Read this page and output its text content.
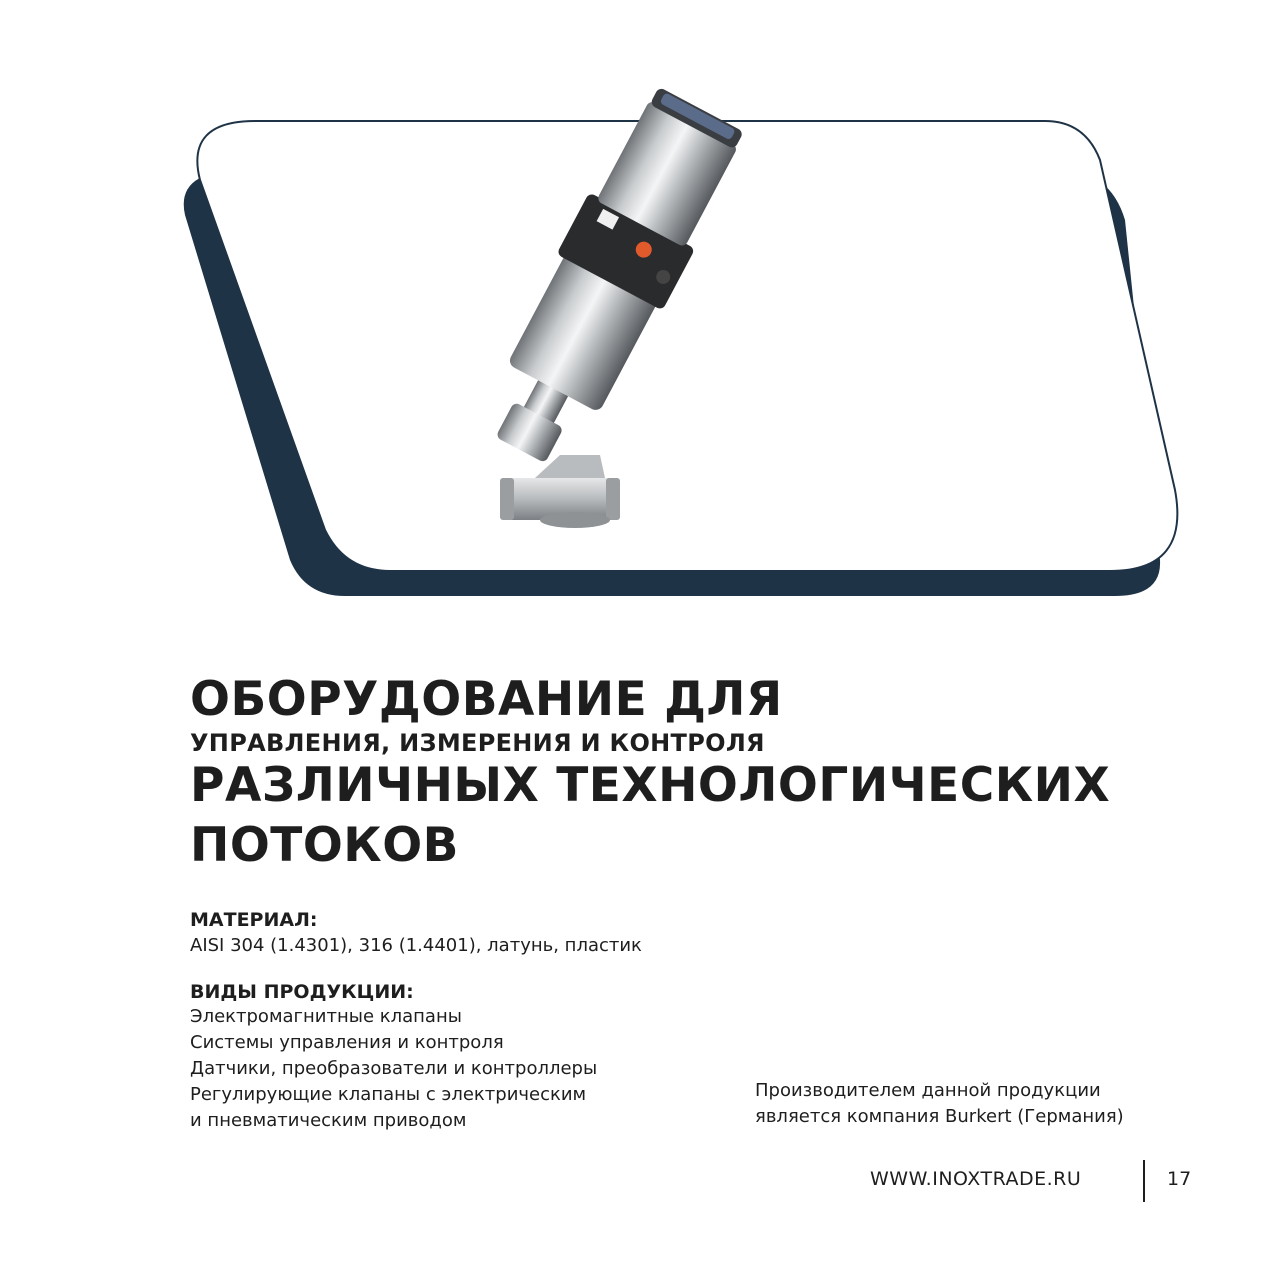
ОБОРУДОВАНИЕ ДЛЯ
УПРАВЛЕНИЯ, ИЗМЕРЕНИЯ И КОНТРОЛЯ
РАЗЛИЧНЫХ ТЕХНОЛОГИЧЕСКИХ
ПОТОКОВ
МАТЕРИАЛ:
AISI 304 (1.4301), 316 (1.4401), латунь, пластик
ВИДЫ ПРОДУКЦИИ:
Электромагнитные клапаны
Системы управления и контроля
Датчики, преобразователи и контроллеры
Регулирующие клапаны с электрическим
и пневматическим приводом
Производителем данной продукции
является компания Burkert (Германия)
WWW.INOXTRADE.RU	17
